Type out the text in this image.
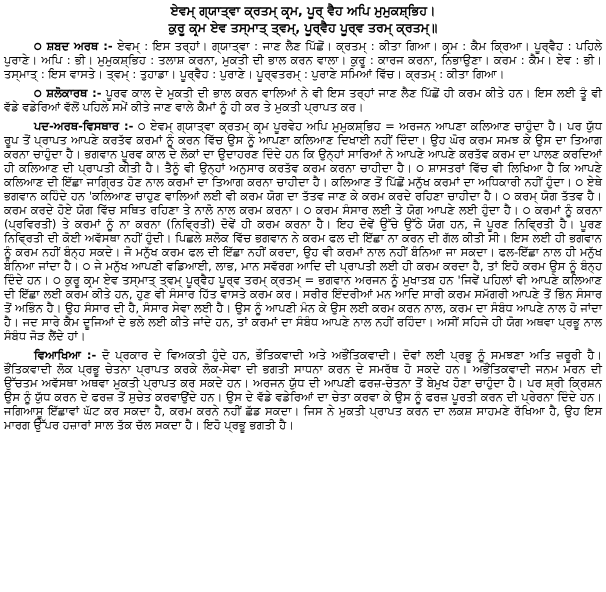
ਏਵਮ੍ ਗ੍ਯਾਤ੍ਵਾ ਕ੍ਰਤਮ੍ ਕਰ੍ਮ, ਪੂਰ੍ ਵੈਹ ਅਪਿ ਮੁਮੁਕਸ਼੍ਭਿਹ।
ਕੁਰੂ ਕਰ੍ਮ ਏਵ ਤਸ੍ਮਾਤ੍ ਤ੍ਵਮ੍, ਪੂਰ੍ਵੈਹ ਪੂਰ੍ਵ ਤਰਮ੍ ਕ੍ਰਤਮ੍॥

੦ ਸ਼ਬਦ ਅਰਥ :- ਏਵਮ੍ : ਇਸ ਤਰ੍ਹਾਂ। ਗ੍ਯਾਤ੍ਵਾ : ਜਾਣ ਲੈਣ ਪਿੱਛੋਂ। ਕ੍ਰਤਮ੍ : ਕੀਤਾ ਗਿਆ। ਕਰ੍ਮ : ਕੈਮ ਕ੍ਰਿਆ। ਪੂਰ੍ਵੈਹ : ਪਹਿਲੇ ਪੁਰਾਣੇ। ਅਪਿ : ਭੀ। ਮੁਮੁਕਸ਼੍ਭਿਹ : ਤਲਾਸ਼ ਕਰਨਾ, ਮੁਕਤੀ ਦੀ ਭਾਲ ਕਰਨ ਵਾਲਾ। ਕੁਰੂ : ਕਾਰਜ ਕਰਨਾ, ਨਿਭਾਉਣਾ। ਕਰਮ : ਕੈਮ। ਏਵ : ਭੀ। ਤਸ੍ਮਾਤ੍ : ਇਸ ਵਾਸਤੇ। ਤ੍ਵਮ੍ : ਤੁਹਾਡਾ। ਪੂਰ੍ਵੈਹ : ਪੁਰਾਣੇ। ਪੂਰ੍ਵਤਰਮ੍ : ਪੁਰਾਣੇ ਸਮਿਆਂ ਵਿੱਚ। ਕ੍ਰਤਮ੍ : ਕੀਤਾ ਗਿਆ।

੦ ਸ਼ਲੋਕਾਰਥ :- ਪੂਰਵ ਕਾਲ ਦੇ ਮੁਕਤੀ ਦੀ ਭਾਲ ਕਰਨ ਵਾਲਿਆਂ ਨੇ ਵੀ ਇਸ ਤਰ੍ਹਾਂ ਜਾਣ ਲੈਣ ਪਿੱਛੋਂ ਹੀ ਕਰਮ ਕੀਤੇ ਹਨ। ਇਸ ਲਈ ਤੂੰ ਵੀ ਵੱਡੇ ਵਡੇਰਿਆਂ ਵੱਲੋਂ ਪਹਿਲੇ ਸਮੇਂ ਕੀਤੇ ਜਾਣ ਵਾਲੇ ਕੈਮਾਂ ਨੂੰ ਹੀ ਕਰ ਤੇ ਮੁਕਤੀ ਪ੍ਰਾਪਤ ਕਰ।

ਪਦ-ਅਰਥ-ਵਿਸਥਾਰ :- ੦ ਏਵਮ੍ ਗ੍ਯਾਤ੍ਵਾ ਕ੍ਰਤਮ੍ ਕਰ੍ਮ ਪੂਰਵੇਹ ਅਪਿ ਮੁਮੁਕਸ਼੍ਭਿਹ = ਅਰਜਨ ਆਪਣਾ ਕਲਿਆਣ ਚਾਹੁੰਦਾ ਹੈ। ਪਰ ਯੁੱਧ ਰੂਪ ਤੋਂ ਪ੍ਰਾਪਤ ਆਪਣੇ ਕਰਤੱਵ ਕਰਮਾਂ ਨੂੰ ਕਰਨ ਵਿੱਚ ਉਸ ਨੂੰ ਆਪਣਾ ਕਲਿਆਣ ਦਿਖਾਈ ਨਹੀਂ ਦਿੰਦਾ। ਉਹ ਘੋਰ ਕਰਮ ਸਮਝ ਕੇ ਉਸ ਦਾ ਤਿਆਗ ਕਰਨਾ ਚਾਹੁੰਦਾ ਹੈ। ਭਗਵਾਨ ਪੂਰਵ ਕਾਲ ਦੇ ਲੋਕਾਂ ਦਾ ਉਦਾਹਰਣ ਦਿੰਦੇ ਹਨ ਕਿ ਉਨ੍ਹਾਂ ਸਾਰਿਆਂ ਨੇ ਆਪਣੇ ਆਪਣੇ ਕਰਤੱਵ ਕਰਮ ਦਾ ਪਾਲਣ ਕਰਦਿਆਂ ਹੀ ਕਲਿਆਣ ਦੀ ਪ੍ਰਾਪਤੀ ਕੀਤੀ ਹੈ। ਤੈਨੂੰ ਵੀ ਉਨ੍ਹਾਂ ਅਨੁਸਾਰ ਕਰਤੱਵ ਕਰਮ ਕਰਨਾ ਚਾਹੀਦਾ ਹੈ। ੦ ਸ਼ਾਸਤਰਾਂ ਵਿੱਚ ਵੀ ਲਿਖਿਆ ਹੈ ਕਿ ਆਪਣੇ ਕਲਿਆਣ ਦੀ ਇੱਛਾ ਜਾਗ੍ਰਿਤ ਹੋਣ ਨਾਲ ਕਰਮਾਂ ਦਾ ਤਿਆਗ ਕਰਨਾ ਚਾਹੀਦਾ ਹੈ। ਕਲਿਆਣ ਤੋਂ ਪਿੱਛੋਂ ਮਨੁੱਖ ਕਰਮਾਂ ਦਾ ਅਧਿਕਾਰੀ ਨਹੀਂ ਹੁੰਦਾ। ੦ ਏਥੇ ਭਗਵਾਨ ਕਹਿੰਦੇ ਹਨ 'ਕਲਿਆਣ ਚਾਹੁਣ ਵਾਲਿਆਂ ਲਈ ਵੀ ਕਰਮ ਯੋਗ ਦਾ ਤੱਤਵ ਜਾਣ ਕੇ ਕਰਮ ਕਰਦੇ ਰਹਿਣਾ ਚਾਹੀਦਾ ਹੈ। ੦ ਕਰਮ੍ ਯੋਗ ਤੱਤਵ ਹੈ। ਕਰਮ ਕਰਦੇ ਹੋਏ ਯੋਗ ਵਿੱਚ ਸਥਿਤ ਰਹਿਣਾ ਤੇ ਨਾਲੋ ਨਾਲ ਕਰਮ ਕਰਨਾ। ੦ ਕਰਮ ਸੰਸਾਰ ਲਈ ਤੇ ਯੋਗ ਆਪਣੇ ਲਈ ਹੁੰਦਾ ਹੈ। ੦ ਕਰਮਾਂ ਨੂੰ ਕਰਨਾ (ਪ੍ਰਵਿਰਤੀ) ਤੇ ਕਰਮਾਂ ਨੂੰ ਨਾ ਕਰਨਾ (ਨਿਵ੍ਰਿਤੀ) ਦੋਵੇਂ ਹੀ ਕਰਮ ਕਰਨਾ ਹੈ। ਇਹ ਦੋਵੇਂ ਉੱਚੇ ਉੱਠੇ ਯੋਗ ਹਨ, ਜੋ ਪੂਰਣ ਨਿਵ੍ਰਿਤੀ ਹੈ। ਪੂਰਣ ਨਿਵ੍ਰਿਤੀ ਦੀ ਕੋਈ ਅਵੱਸਥਾ ਨਹੀਂ ਹੁੰਦੀ। ਪਿਛਲੇ ਸ਼ਲੋਕ ਵਿੱਚ ਭਗਵਾਨ ਨੇ ਕਰਮ ਫਲ ਦੀ ਇੱਛਾ ਨਾ ਕਰਨ ਦੀ ਗੱਲ ਕੀਤੀ ਸੀ। ਇਸ ਲਈ ਹੀ ਭਗਵਾਨ ਨੂੰ ਕਰਮ ਨਹੀਂ ਬੰਨ੍ਹ ਸਕਦੇ। ਜੋ ਮਨੁੱਖ ਕਰਮ ਫਲ ਦੀ ਇੱਛਾ ਨਹੀਂ ਕਰਦਾ, ਉਹ ਵੀ ਕਰਮਾਂ ਨਾਲ ਨਹੀਂ ਬੰਨਿਆ ਜਾ ਸਕਦਾ। ਫਲ-ਇੱਛਾ ਨਾਲ ਹੀ ਮਨੁੱਖ ਬੰਨਿਆ ਜਾਂਦਾ ਹੈ। ੦ ਜੇ ਮਨੁੱਖ ਆਪਣੀ ਵਡਿਆਈ, ਲਾਭ, ਮਾਨ ਸਵੱਰਗ ਆਦਿ ਦੀ ਪ੍ਰਾਪਤੀ ਲਈ ਹੀ ਕਰਮ ਕਰਦਾ ਹੈ, ਤਾਂ ਇਹੋ ਕਰਮ ਉਸ ਨੂੰ ਬੰਨ੍ਹ ਦਿੰਦੇ ਹਨ। ੦ ਕੁਰੂ ਕਰ੍ਮ ਏਵ ਤਸ੍ਮਾਤ੍ ਤ੍ਵਮ੍ ਪੂਰ੍ਵੈਹ ਪੂਰ੍ਵ ਤਰਮ੍ ਕ੍ਰਤਮ੍ = ਭਗਵਾਨ ਅਰਜਨ ਨੂੰ ਮੁਖਾਤਬ ਹਨ 'ਜਿਵੇਂ ਪਹਿਲਾਂ ਵੀ ਆਪਣੇ ਕਲਿਆਣ ਦੀ ਇੱਛਾ ਲਈ ਕਰਮ ਕੀਤੇ ਹਨ, ਹੁਣ ਵੀ ਸੰਸਾਰ ਹਿੱਤ ਵਾਸਤੇ ਕਰਮ ਕਰ। ਸਰੀਰ ਇੰਦਰੀਆਂ ਮਨ ਆਦਿ ਸਾਰੀ ਕਰਮ ਸਮੱਗਰੀ ਆਪਣੇ ਤੋਂ ਭਿੰਨ ਸੰਸਾਰ ਤੋਂ ਅਭਿੰਨ ਹੈ। ਉਹ ਸੰਸਾਰ ਦੀ ਹੈ, ਸੰਸਾਰ ਸੇਵਾ ਲਈ ਹੈ। ਉਸ ਨੂੰ ਆਪਣੀ ਮੰਨ ਕੇ ਉਸ ਲਈ ਕਰਮ ਕਰਨ ਨਾਲ, ਕਰਮ ਦਾ ਸੰਬੰਧ ਆਪਣੇ ਨਾਲ ਹੋ ਜਾਂਦਾ ਹੈ। ਜਦ ਸਾਰੇ ਕੈਮ ਦੂਜਿਆਂ ਦੇ ਭਲੇ ਲਈ ਕੀਤੇ ਜਾਂਦੇ ਹਨ, ਤਾਂ ਕਰਮਾਂ ਦਾ ਸੰਬੰਧ ਆਪਣੇ ਨਾਲ ਨਹੀਂ ਰਹਿੰਦਾ। ਅਸੀਂ ਸਹਿਜੇ ਹੀ ਯੋਗ ਅਥਵਾ ਪ੍ਰਭੂ ਨਾਲ ਸੰਬੰਧ ਜੋੜ ਲੈਂਦੇ ਹਾਂ।

ਵਿਆਖਿਆ :- ਦੋ ਪ੍ਰਕਾਰ ਦੇ ਵਿਅਕਤੀ ਹੁੰਦੇ ਹਨ, ਭੌਤਿਕਵਾਦੀ ਅਤੇ ਅਭੌਂਤਿਕਵਾਦੀ। ਦੋਵਾਂ ਲਈ ਪ੍ਰਭੂ ਨੂੰ ਸਮਝਣਾ ਅਤਿ ਜ਼ਰੂਰੀ ਹੈ। ਭੌਂਤਿਕਵਾਦੀ ਲੋਕ ਪ੍ਰਭੂ ਚੇਤਨਾ ਪ੍ਰਾਪਤ ਕਰਕੇ ਲੋਕ-ਸੇਵਾ ਦੀ ਭਗਤੀ ਸਾਧਨਾ ਕਰਨ ਦੇ ਸਮਰੱਥ ਹੋ ਸਕਦੇ ਹਨ। ਅਭੌਂਤਿਕਵਾਦੀ ਜਨਮ ਮਰਨ ਦੀ ਉੱਚਤਮ ਅਵੱਸਥਾ ਅਥਵਾ ਮੁਕਤੀ ਪ੍ਰਾਪਤ ਕਰ ਸਕਦੇ ਹਨ। ਅਰਜਨ ਯੁੱਧ ਦੀ ਆਪਣੀ ਫਰਜ਼-ਚੇਤਨਾ ਤੋਂ ਬੇਮੁਖ ਹੋਣਾ ਚਾਹੁੰਦਾ ਹੈ। ਪਰ ਸ਼੍ਰੀ ਕ੍ਰਿਸ਼ਨ ਉਸ ਨੂੰ ਯੁੱਧ ਕਰਨ ਦੇ ਫਰਜ਼ ਤੋਂ ਸੁਚੇਤ ਕਰਵਾਉਂਦੇ ਹਨ। ਉਸ ਦੇ ਵੱਡੇ ਵਡੇਰਿਆਂ ਦਾ ਚੇਤਾ ਕਰਵਾ ਕੇ ਉਸ ਨੂੰ ਫਰਜ਼ ਪੂਰਤੀ ਕਰਨ ਦੀ ਪ੍ਰੇਰਨਾ ਦਿੰਦੇ ਹਨ। ਜਗਿਆਸੂ ਇੱਛਾਵਾਂ ਘੱਟ ਕਰ ਸਕਦਾ ਹੈ, ਕਰਮ ਕਰਨੇ ਨਹੀਂ ਛੱਡ ਸਕਦਾ। ਜਿਸ ਨੇ ਮੁਕਤੀ ਪ੍ਰਾਪਤ ਕਰਨ ਦਾ ਲਕਸ਼ ਸਾਹਮਣੇ ਰੱਖਿਆ ਹੈ, ਉਹ ਇਸ ਮਾਰਗ ਉੱਪਰ ਹਜ਼ਾਰਾਂ ਸਾਲ ਤੱਕ ਚੱਲ ਸਕਦਾ ਹੈ। ਇਹੋ ਪ੍ਰਭੂ ਭਗਤੀ ਹੈ।
